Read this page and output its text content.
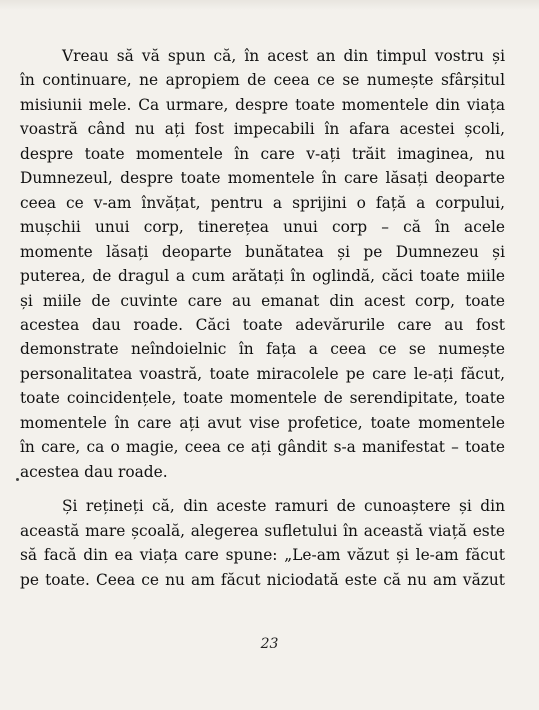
Vreau să vă spun că, în acest an din timpul vostru și
în continuare, ne apropiem de ceea ce se numește sfârșitul
misiunii mele. Ca urmare, despre toate momentele din viața
voastră când nu ați fost impecabili în afara acestei școli,
despre toate momentele în care v-ați trăit imaginea, nu
Dumnezeul, despre toate momentele în care lăsați deoparte
ceea ce v-am învățat, pentru a sprijini o față a corpului,
mușchii unui corp, tinerețea unui corp – că în acele
momente lăsați deoparte bunătatea și pe Dumnezeu și
puterea, de dragul a cum arătați în oglindă, căci toate miile
și miile de cuvinte care au emanat din acest corp, toate
acestea dau roade. Căci toate adevărurile care au fost
demonstrate neîndoielnic în fața a ceea ce se numește
personalitatea voastră, toate miracolele pe care le-ați făcut,
toate coincidențele, toate momentele de serendipitate, toate
momentele în care ați avut vise profetice, toate momentele
în care, ca o magie, ceea ce ați gândit s-a manifestat – toate
acestea dau roade.

Și rețineți că, din aceste ramuri de cunoaștere și din
această mare școală, alegerea sufletului în această viață este
să facă din ea viața care spune: „Le-am văzut și le-am făcut
pe toate. Ceea ce nu am făcut niciodată este că nu am văzut

23
